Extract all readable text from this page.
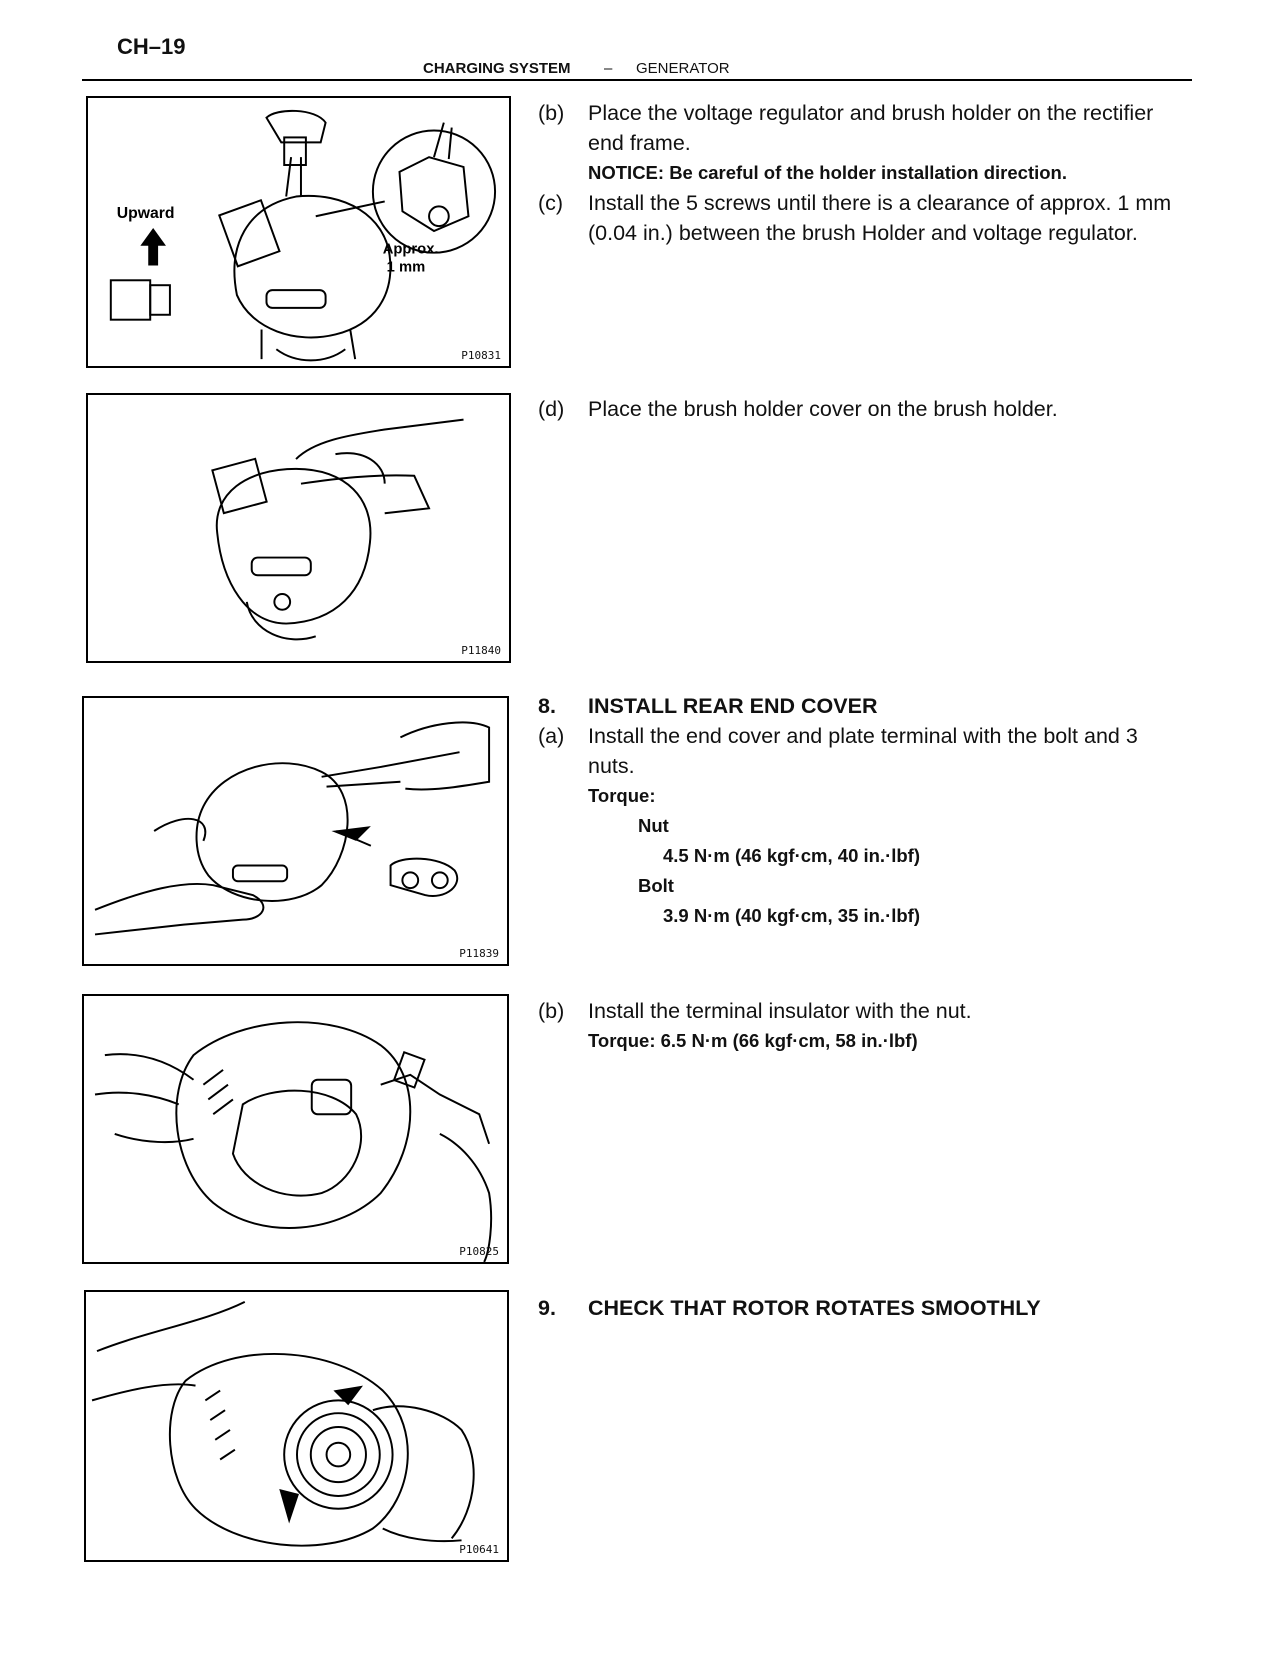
CH–19
CHARGING SYSTEM – GENERATOR
Upward
Approx.
1 mm
P10831
P11840
P11839
P10825
P10641
(b) Place the voltage regulator and brush holder on the rectifier
end frame.
NOTICE: Be careful of the holder installation direction.
(c) Install the 5 screws until there is a clearance of approx. 1 mm
(0.04 in.) between the brush Holder and voltage regulator.
(d) Place the brush holder cover on the brush holder.
8. INSTALL REAR END COVER
(a) Install the end cover and plate terminal with the bolt and 3
nuts.
Torque:
Nut
4.5 N·m (46 kgf·cm, 40 in.·lbf)
Bolt
3.9 N·m (40 kgf·cm, 35 in.·lbf)
(b) Install the terminal insulator with the nut.
Torque: 6.5 N·m (66 kgf·cm, 58 in.·lbf)
9. CHECK THAT ROTOR ROTATES SMOOTHLY
